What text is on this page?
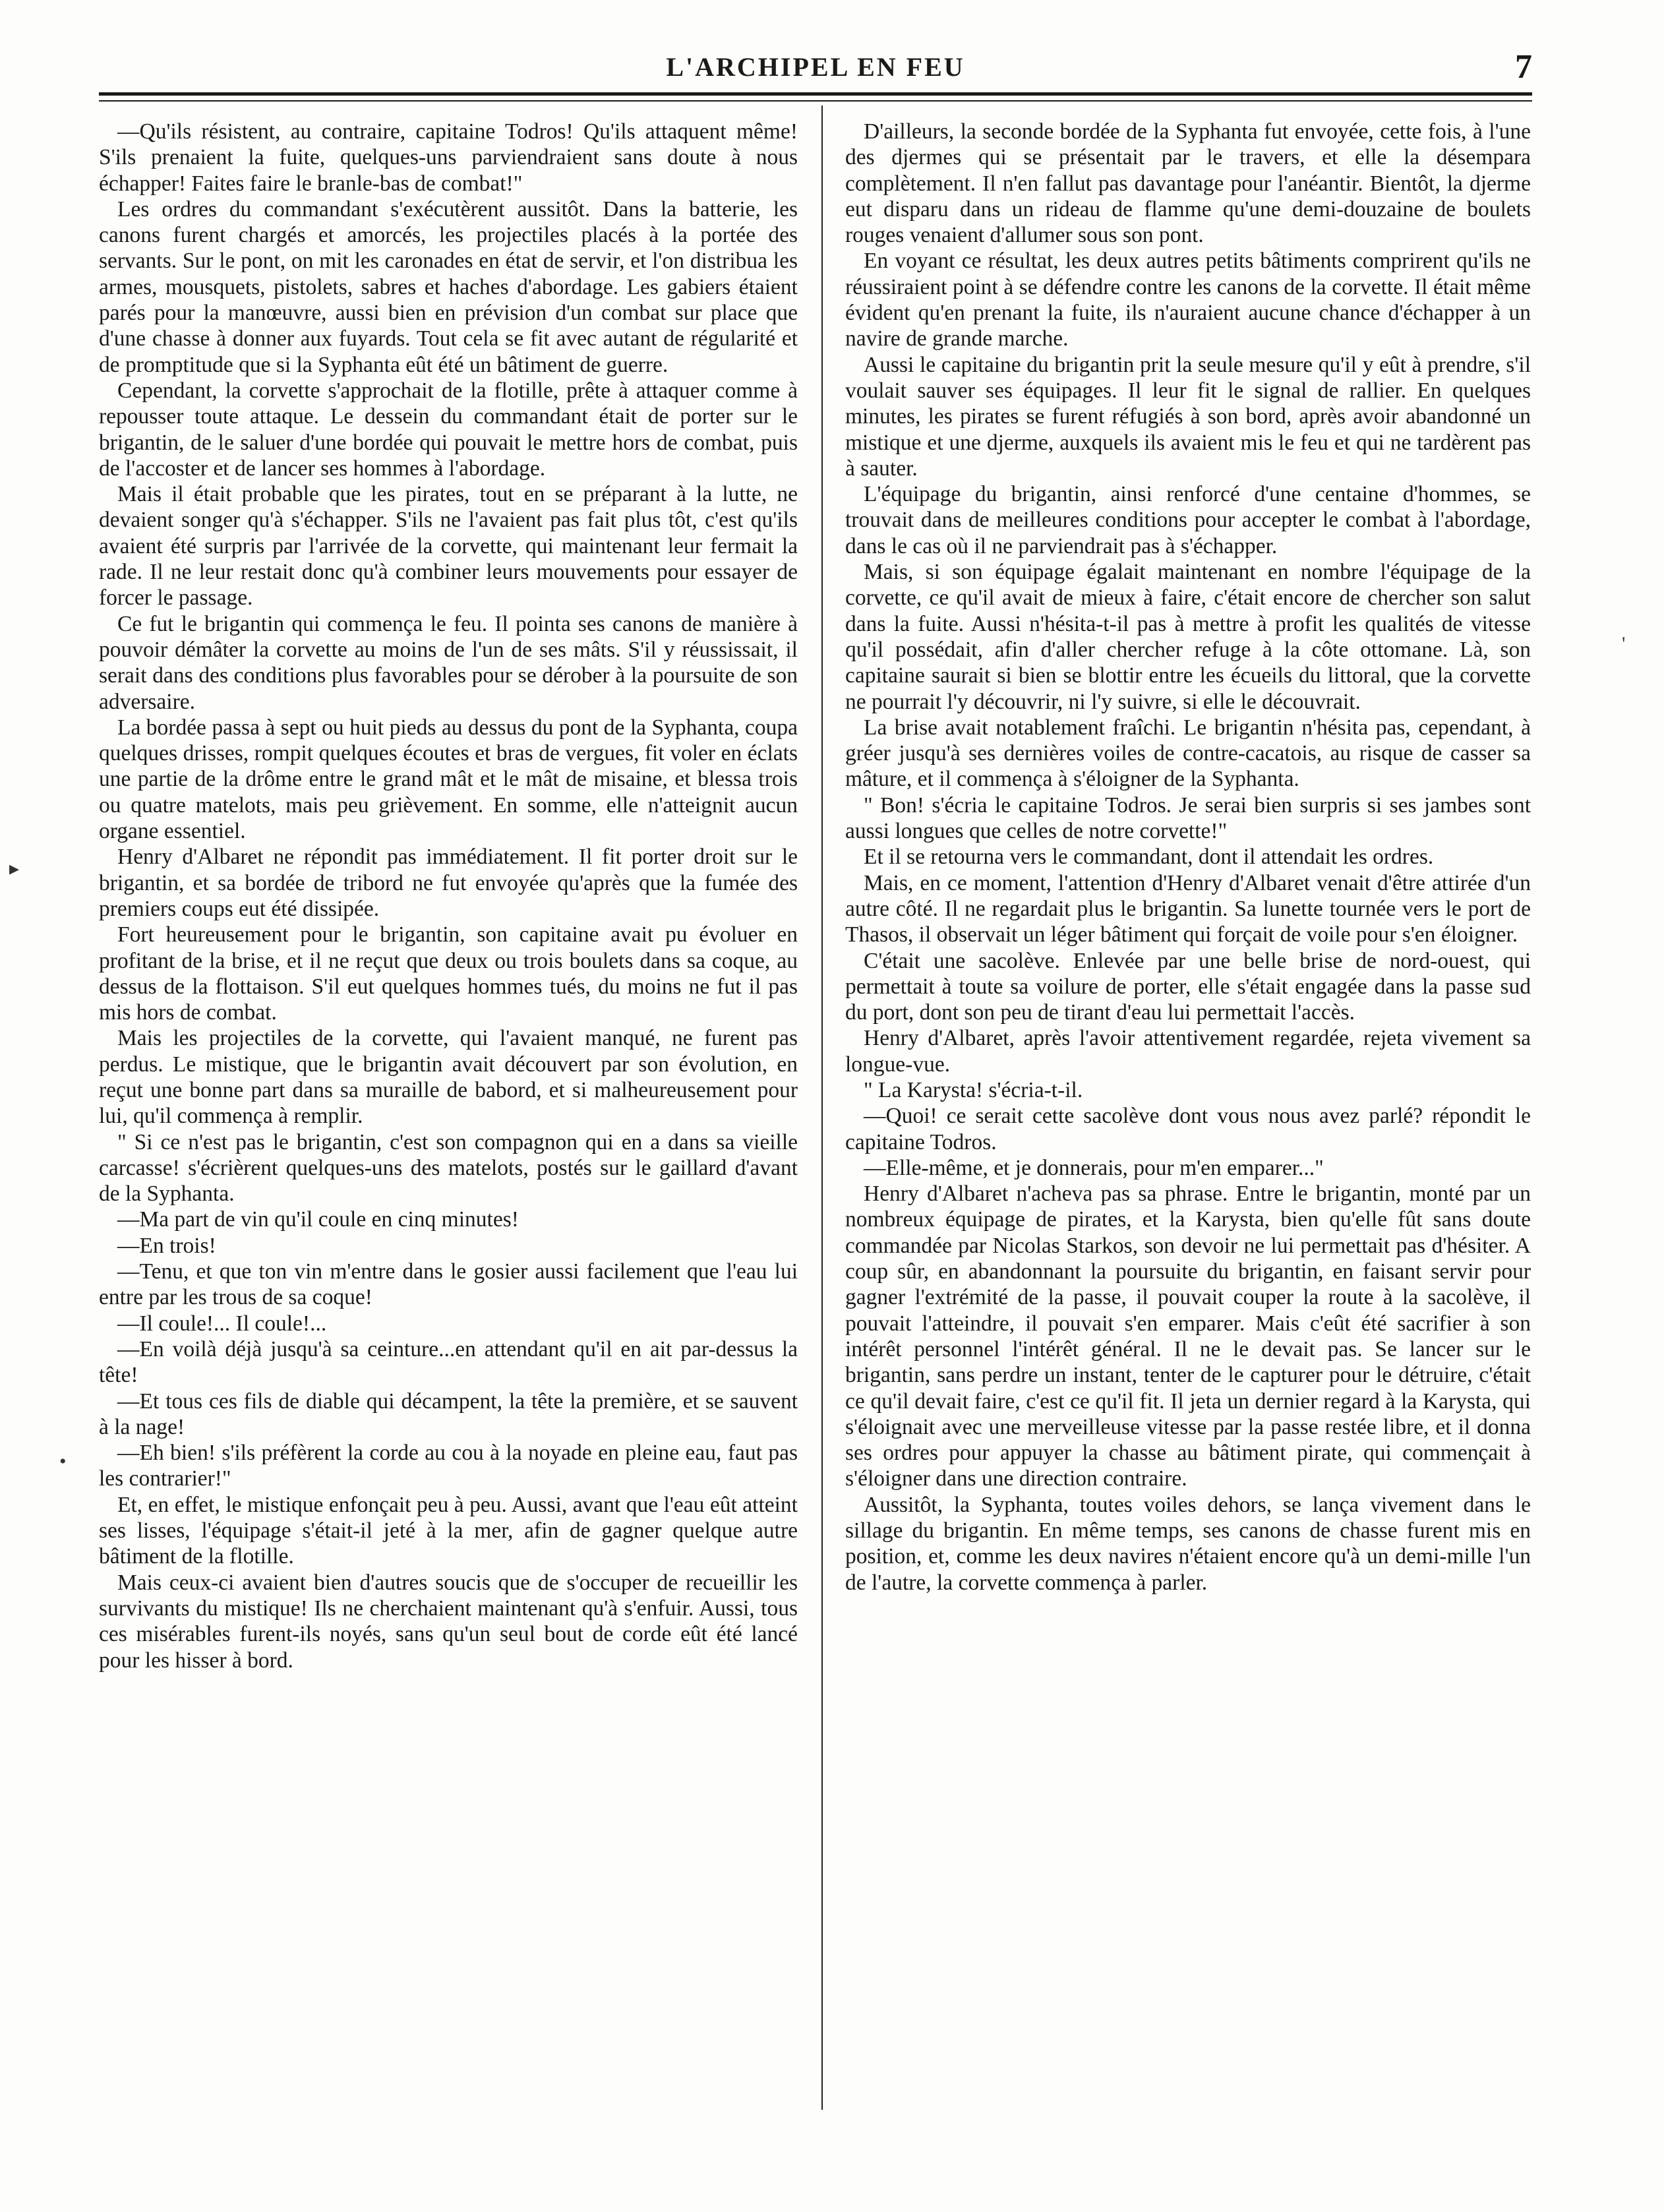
L'ARCHIPEL EN FEU	7

—Qu'ils résistent, au contraire, capitaine Todros! Qu'ils attaquent même! S'ils prenaient la fuite, quelques-uns parviendraient sans doute à nous échapper! Faites faire le branle-bas de combat!"

Les ordres du commandant s'exécutèrent aussitôt. Dans la batterie, les canons furent chargés et amorcés, les projectiles placés à la portée des servants. Sur le pont, on mit les caronades en état de servir, et l'on distribua les armes, mousquets, pistolets, sabres et haches d'abordage. Les gabiers étaient parés pour la manœuvre, aussi bien en prévision d'un combat sur place que d'une chasse à donner aux fuyards. Tout cela se fit avec autant de régularité et de promptitude que si la Syphanta eût été un bâtiment de guerre.

Cependant, la corvette s'approchait de la flotille, prête à attaquer comme à repousser toute attaque. Le dessein du commandant était de porter sur le brigantin, de le saluer d'une bordée qui pouvait le mettre hors de combat, puis de l'accoster et de lancer ses hommes à l'abordage.

Mais il était probable que les pirates, tout en se préparant à la lutte, ne devaient songer qu'à s'échapper. S'ils ne l'avaient pas fait plus tôt, c'est qu'ils avaient été surpris par l'arrivée de la corvette, qui maintenant leur fermait la rade. Il ne leur restait donc qu'à combiner leurs mouvements pour essayer de forcer le passage.

Ce fut le brigantin qui commença le feu. Il pointa ses canons de manière à pouvoir démâter la corvette au moins de l'un de ses mâts. S'il y réussissait, il serait dans des conditions plus favorables pour se dérober à la poursuite de son adversaire.

La bordée passa à sept ou huit pieds au dessus du pont de la Syphanta, coupa quelques drisses, rompit quelques écoutes et bras de vergues, fit voler en éclats une partie de la drôme entre le grand mât et le mât de misaine, et blessa trois ou quatre matelots, mais peu grièvement. En somme, elle n'atteignit aucun organe essentiel.

Henry d'Albaret ne répondit pas immédiatement. Il fit porter droit sur le brigantin, et sa bordée de tribord ne fut envoyée qu'après que la fumée des premiers coups eut été dissipée.

Fort heureusement pour le brigantin, son capitaine avait pu évoluer en profitant de la brise, et il ne reçut que deux ou trois boulets dans sa coque, au dessus de la flottaison. S'il eut quelques hommes tués, du moins ne fut il pas mis hors de combat.

Mais les projectiles de la corvette, qui l'avaient manqué, ne furent pas perdus. Le mistique, que le brigantin avait découvert par son évolution, en reçut une bonne part dans sa muraille de babord, et si malheureusement pour lui, qu'il commença à remplir.

" Si ce n'est pas le brigantin, c'est son compagnon qui en a dans sa vieille carcasse! s'écrièrent quelques-uns des matelots, postés sur le gaillard d'avant de la Syphanta.

—Ma part de vin qu'il coule en cinq minutes!

—En trois!

—Tenu, et que ton vin m'entre dans le gosier aussi facilement que l'eau lui entre par les trous de sa coque!

—Il coule!... Il coule!...

—En voilà déjà jusqu'à sa ceinture...en attendant qu'il en ait par-dessus la tête!

—Et tous ces fils de diable qui décampent, la tête la première, et se sauvent à la nage!

—Eh bien! s'ils préfèrent la corde au cou à la noyade en pleine eau, faut pas les contrarier!"

Et, en effet, le mistique enfonçait peu à peu. Aussi, avant que l'eau eût atteint ses lisses, l'équipage s'était-il jeté à la mer, afin de gagner quelque autre bâtiment de la flotille.

Mais ceux-ci avaient bien d'autres soucis que de s'occuper de recueillir les survivants du mistique! Ils ne cherchaient maintenant qu'à s'enfuir. Aussi, tous ces misérables furent-ils noyés, sans qu'un seul bout de corde eût été lancé pour les hisser à bord.

D'ailleurs, la seconde bordée de la Syphanta fut envoyée, cette fois, à l'une des djermes qui se présentait par le travers, et elle la désempara complètement. Il n'en fallut pas davantage pour l'anéantir. Bientôt, la djerme eut disparu dans un rideau de flamme qu'une demi-douzaine de boulets rouges venaient d'allumer sous son pont.

En voyant ce résultat, les deux autres petits bâtiments comprirent qu'ils ne réussiraient point à se défendre contre les canons de la corvette. Il était même évident qu'en prenant la fuite, ils n'auraient aucune chance d'échapper à un navire de grande marche.

Aussi le capitaine du brigantin prit la seule mesure qu'il y eût à prendre, s'il voulait sauver ses équipages. Il leur fit le signal de rallier. En quelques minutes, les pirates se furent réfugiés à son bord, après avoir abandonné un mistique et une djerme, auxquels ils avaient mis le feu et qui ne tardèrent pas à sauter.

L'équipage du brigantin, ainsi renforcé d'une centaine d'hommes, se trouvait dans de meilleures conditions pour accepter le combat à l'abordage, dans le cas où il ne parviendrait pas à s'échapper.

Mais, si son équipage égalait maintenant en nombre l'équipage de la corvette, ce qu'il avait de mieux à faire, c'était encore de chercher son salut dans la fuite. Aussi n'hésita-t-il pas à mettre à profit les qualités de vitesse qu'il possédait, afin d'aller chercher refuge à la côte ottomane. Là, son capitaine saurait si bien se blottir entre les écueils du littoral, que la corvette ne pourrait l'y découvrir, ni l'y suivre, si elle le découvrait.

La brise avait notablement fraîchi. Le brigantin n'hésita pas, cependant, à gréer jusqu'à ses dernières voiles de contre-cacatois, au risque de casser sa mâture, et il commença à s'éloigner de la Syphanta.

" Bon! s'écria le capitaine Todros. Je serai bien surpris si ses jambes sont aussi longues que celles de notre corvette!"

Et il se retourna vers le commandant, dont il attendait les ordres.

Mais, en ce moment, l'attention d'Henry d'Albaret venait d'être attirée d'un autre côté. Il ne regardait plus le brigantin. Sa lunette tournée vers le port de Thasos, il observait un léger bâtiment qui forçait de voile pour s'en éloigner.

C'était une sacolève. Enlevée par une belle brise de nord-ouest, qui permettait à toute sa voilure de porter, elle s'était engagée dans la passe sud du port, dont son peu de tirant d'eau lui permettait l'accès.

Henry d'Albaret, après l'avoir attentivement regardée, rejeta vivement sa longue-vue.

" La Karysta! s'écria-t-il.

—Quoi! ce serait cette sacolève dont vous nous avez parlé? répondit le capitaine Todros.

—Elle-même, et je donnerais, pour m'en emparer..."

Henry d'Albaret n'acheva pas sa phrase. Entre le brigantin, monté par un nombreux équipage de pirates, et la Karysta, bien qu'elle fût sans doute commandée par Nicolas Starkos, son devoir ne lui permettait pas d'hésiter. A coup sûr, en abandonnant la poursuite du brigantin, en faisant servir pour gagner l'extrémité de la passe, il pouvait couper la route à la sacolève, il pouvait l'atteindre, il pouvait s'en emparer. Mais c'eût été sacrifier à son intérêt personnel l'intérêt général. Il ne le devait pas. Se lancer sur le brigantin, sans perdre un instant, tenter de le capturer pour le détruire, c'était ce qu'il devait faire, c'est ce qu'il fit. Il jeta un dernier regard à la Karysta, qui s'éloignait avec une merveilleuse vitesse par la passe restée libre, et il donna ses ordres pour appuyer la chasse au bâtiment pirate, qui commençait à s'éloigner dans une direction contraire.

Aussitôt, la Syphanta, toutes voiles dehors, se lança vivement dans le sillage du brigantin. En même temps, ses canons de chasse furent mis en position, et, comme les deux navires n'étaient encore qu'à un demi-mille l'un de l'autre, la corvette commença à parler.

▸
•
'
